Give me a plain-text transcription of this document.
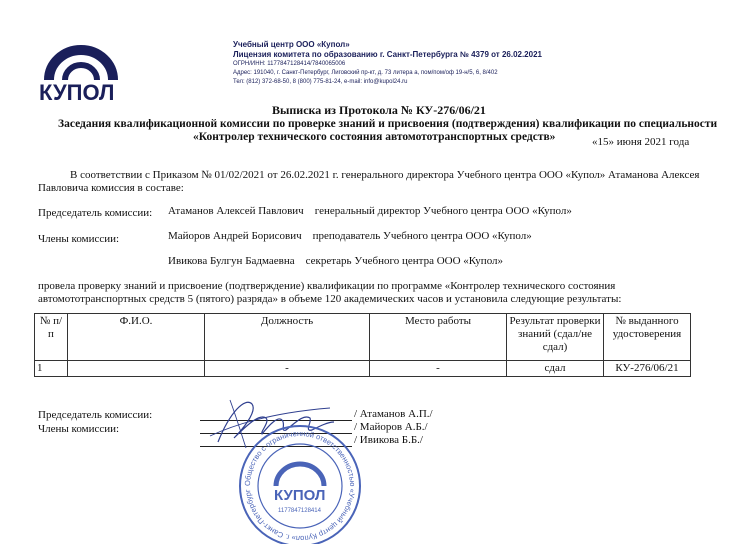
КУПОЛ
Учебный центр ООО «Купол»
Лицензия комитета по образованию г. Санкт-Петербурга № 4379 от 26.02.2021
ОГРН/ИНН: 1177847128414/7840065006
Адрес: 191040, г. Санкт-Петербург, Лиговский пр-кт, д. 73 литера а, пом/пом/оф 19-н/5, 6, 8/402
Тел: (812) 372-68-50, 8 (800) 775-81-24, e-mail: info@kupol24.ru
Выписка из Протокола № КУ-276/06/21
Заседания квалификационной комиссии по проверке знаний и присвоения (подтверждения) квалификации по специальности
«Контролер технического состояния автомототранспортных средств»	«15» июня 2021 года
В соответствии с Приказом № 01/02/2021 от 26.02.2021 г. генерального директора Учебного центра ООО «Купол» Атаманова Алексея
Павловича комиссия в составе:
Председатель комиссии: Атаманов Алексей Павлович    генеральный директор Учебного центра ООО «Купол»
Члены комиссии:	Майоров Андрей Борисович    преподаватель Учебного центра ООО «Купол»
Ивикова Булгун Бадмаевна    секретарь Учебного центра ООО «Купол»
провела проверку знаний и присвоение (подтверждение) квалификации по программе «Контролер технического состояния
автомототранспортных средств 5 (пятого) разряда» в объеме 120 академических часов и установила следующие результаты:
№ п/п	Ф.И.О.	Должность	Место работы	Результат проверки знаний (сдал/не сдал)	№ выданного удостоверения
1		-	-	сдал	КУ-276/06/21
Председатель комиссии:
Члены комиссии:
/ Атаманов А.П./
/ Майоров А.Б./
/ Ивикова Б.Б./
Общество с ограниченной ответственностью «Учебный центр Купол» г. Санкт-Петербург	КУПОЛ
1177847128414
